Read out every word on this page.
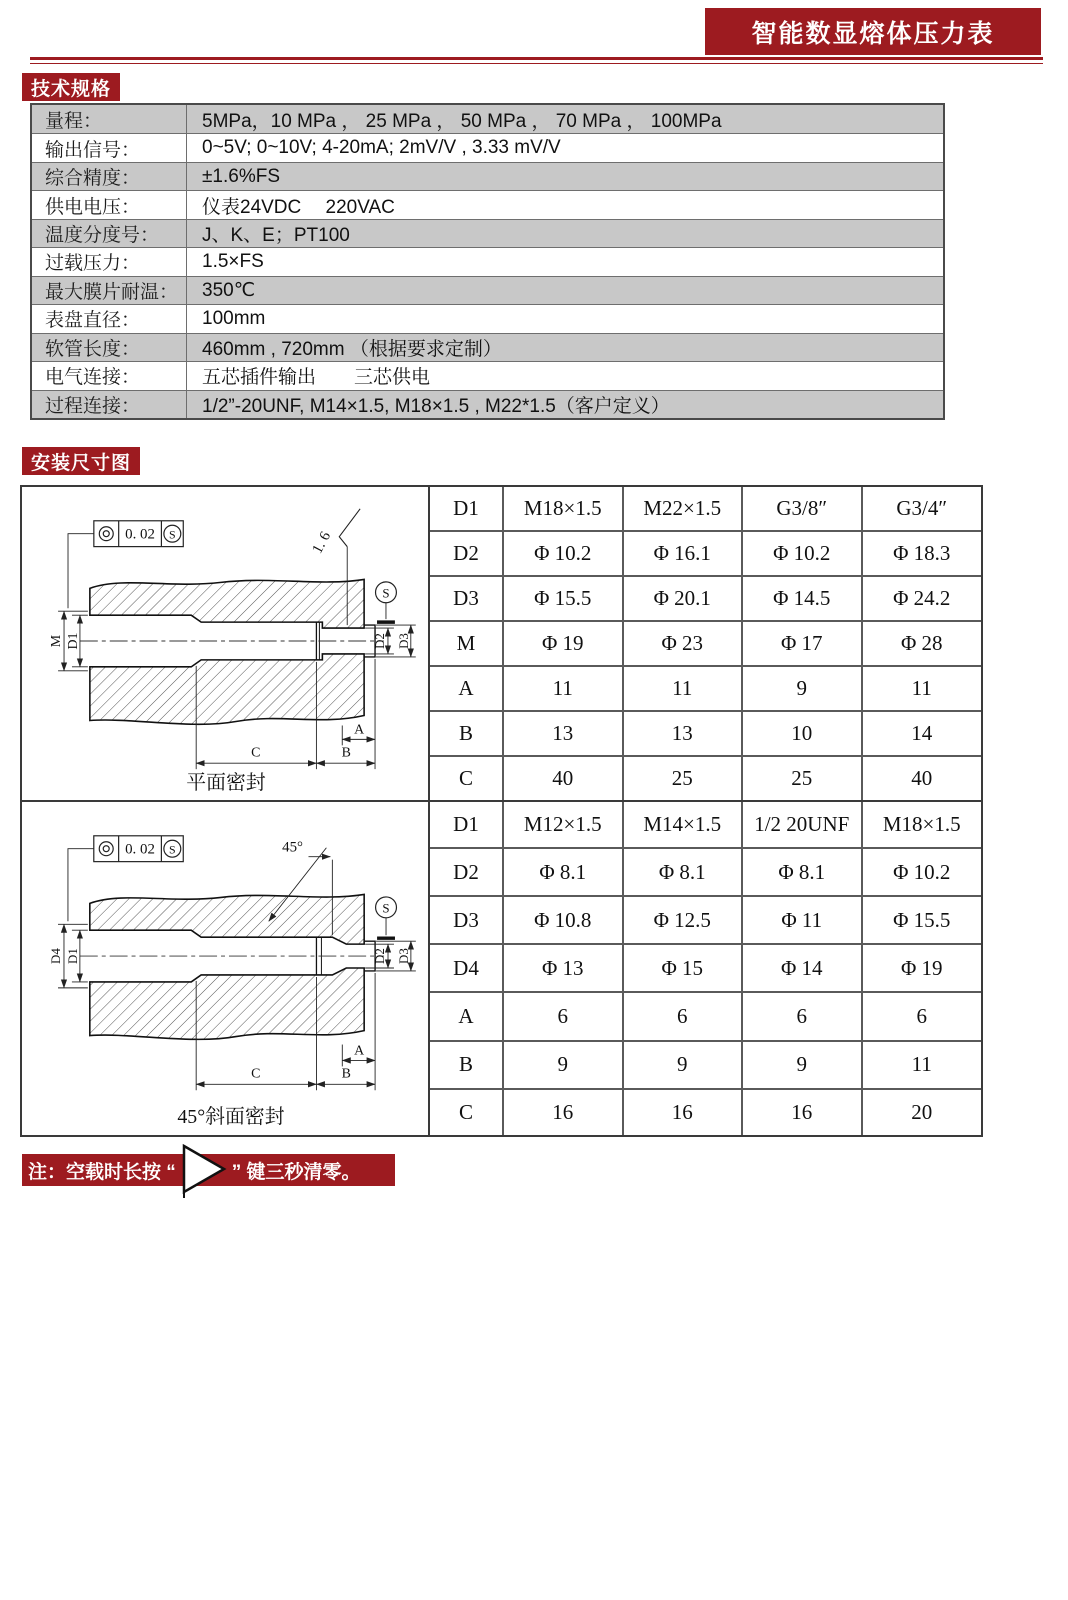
智能数显熔体压力表
技术规格
量程：	5MPa，10 MPa ， 25 MPa ， 50 MPa ， 70 MPa ， 100MPa
输出信号：	0~5V; 0~10V; 4-20mA; 2mV/V , 3.33 mV/V
综合精度：	±1.6%FS
供电电压：	仪表24VDC　 220VAC
温度分度号：	J、K、E；PT100
过载压力：	1.5×FS
最大膜片耐温：	350℃
表盘直径：	100mm
软管长度：	460mm , 720mm （根据要求定制）
电气连接：	五芯插件输出　　三芯供电
过程连接：	1/2”-20UNF, M14×1.5, M18×1.5 , M22*1.5（客户定义）
安装尺寸图
0. 02 S	1. 6
S
M D1	D2 D3
A
C	B
平面密封
D1	M18×1.5	M22×1.5	G3/8″	G3/4″
D2	Φ 10.2	Φ 16.1	Φ 10.2	Φ 18.3
D3	Φ 15.5	Φ 20.1	Φ 14.5	Φ 24.2
M	Φ 19	Φ 23	Φ 17	Φ 28
A	11	11	9	11
B	13	13	10	14
C	40	25	25	40
0. 02 S	45°
S
D4 D1	D2 D3
A
C	B
45°斜面密封
D1	M12×1.5	M14×1.5	1/2 20UNF	M18×1.5
D2	Φ 8.1	Φ 8.1	Φ 8.1	Φ 10.2
D3	Φ 10.8	Φ 12.5	Φ 11	Φ 15.5
D4	Φ 13	Φ 15	Φ 14	Φ 19
A	6	6	6	6
B	9	9	9	11
C	16	16	16	20
注：空载时长按 “	” 键三秒清零。
